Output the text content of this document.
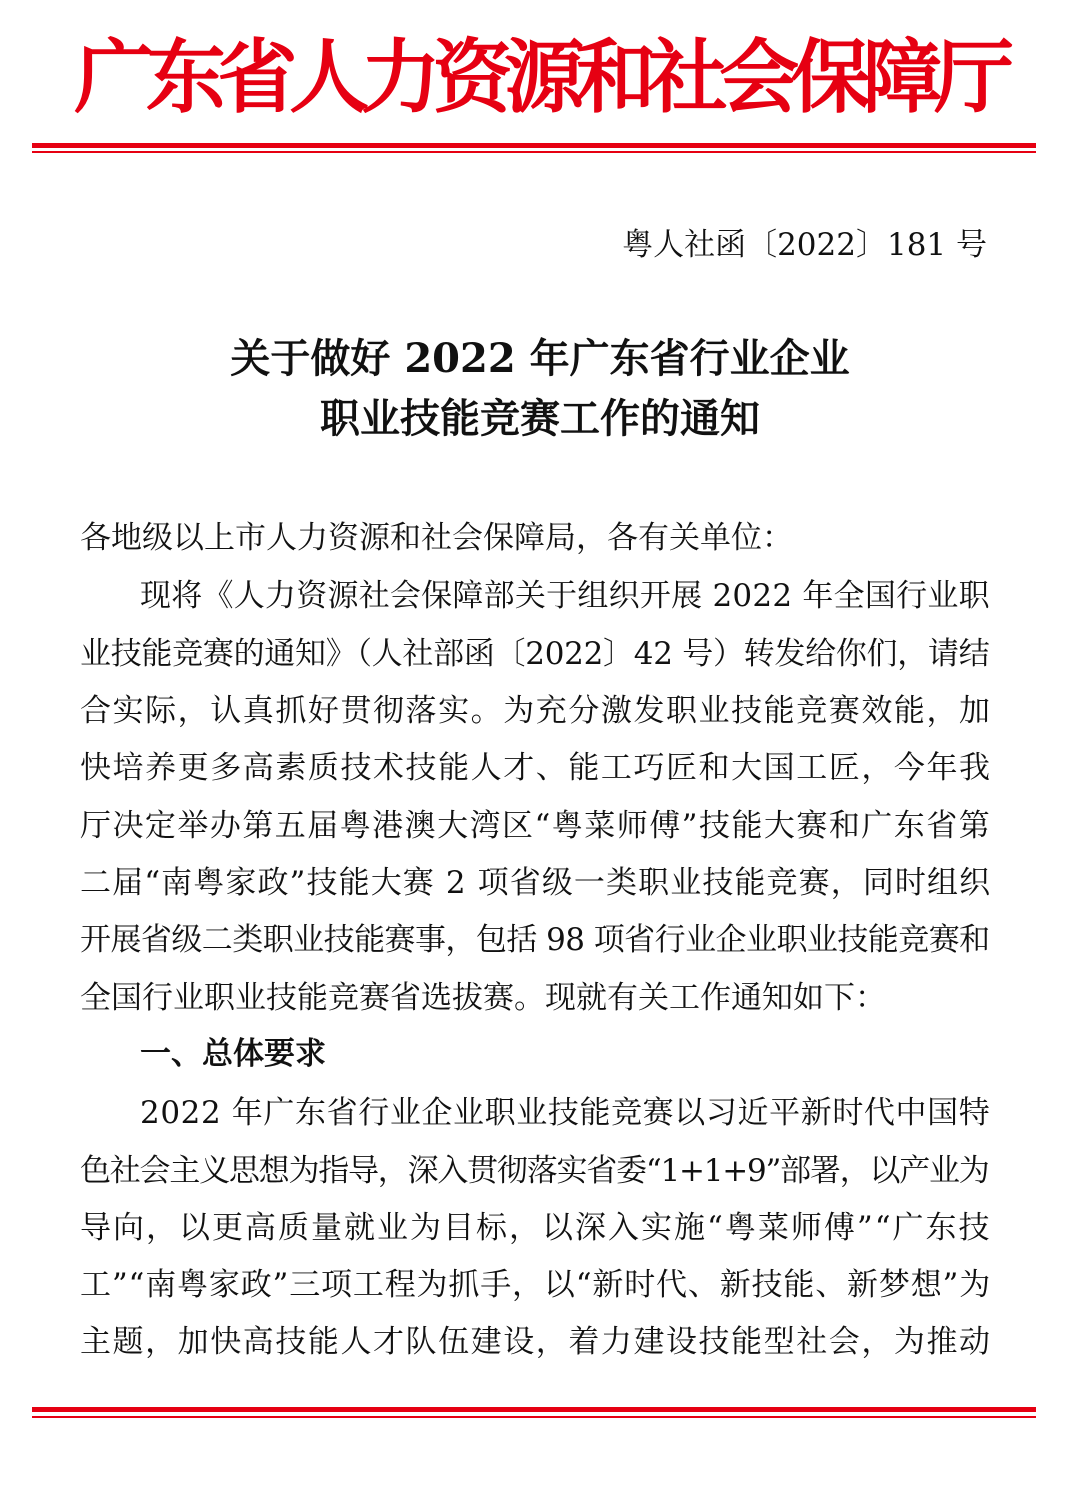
广东省人力资源和社会保障厅
粤人社函〔2022〕181 号
关于做好 2022 年广东省行业企业
职业技能竞赛工作的通知
各地级以上市人力资源和社会保障局，各有关单位：
现将《人力资源社会保障部关于组织开展 2022 年全国行业职
业技能竞赛的通知》（人社部函〔2022〕42 号）转发给你们，请结
合实际，认真抓好贯彻落实。为充分激发职业技能竞赛效能，加
快培养更多高素质技术技能人才、能工巧匠和大国工匠，今年我
厅决定举办第五届粤港澳大湾区“粤菜师傅”技能大赛和广东省第
二届“南粤家政”技能大赛 2 项省级一类职业技能竞赛，同时组织
开展省级二类职业技能赛事，包括 98 项省行业企业职业技能竞赛和
全国行业职业技能竞赛省选拔赛。现就有关工作通知如下：
一、总体要求
2022 年广东省行业企业职业技能竞赛以习近平新时代中国特
色社会主义思想为指导，深入贯彻落实省委“1+1+9”部署，以产业为
导向，以更高质量就业为目标，以深入实施“粤菜师傅”“广东技
工”“南粤家政”三项工程为抓手，以“新时代、新技能、新梦想”为
主题，加快高技能人才队伍建设，着力建设技能型社会，为推动
